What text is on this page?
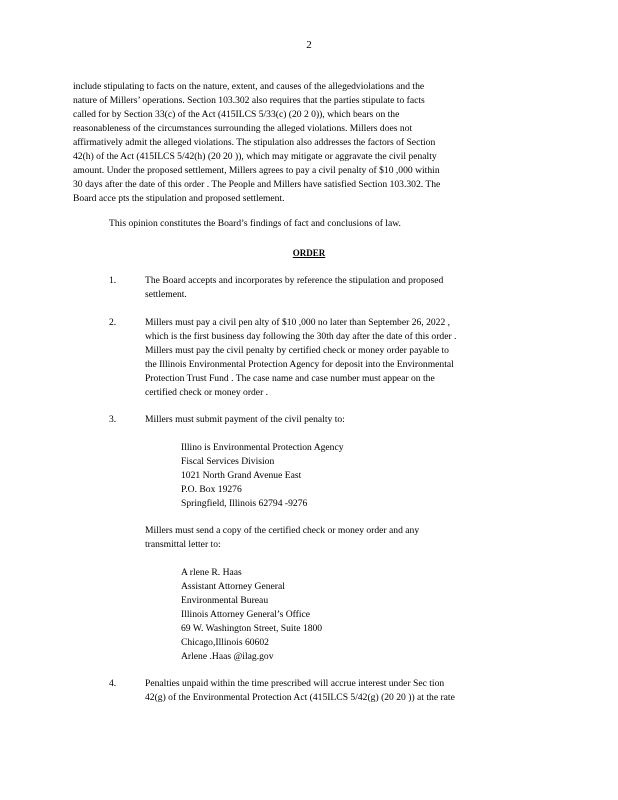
2
include stipulating to facts on the nature, extent, and causes of the allegedviolations and the
nature of Millers’ operations. Section 103.302 also requires that the parties stipulate to facts
called for by Section 33(c) of the Act (415ILCS 5/33(c) (20 2 0)), which bears on the
reasonableness of the circumstances surrounding the alleged violations. Millers does not
affirmatively admit the alleged violations. The stipulation also addresses the factors of Section
42(h) of the Act (415ILCS 5/42(h) (20 20 )), which may mitigate or aggravate the civil penalty
amount. Under the proposed settlement, Millers agrees to pay a civil penalty of $10 ,000 within
30 days after the date of this order . The People and Millers have satisfied Section 103.302. The
Board acce pts the stipulation and proposed settlement.
This opinion constitutes the Board’s findings of fact and conclusions of law.
ORDER
1.	The Board accepts and incorporates by reference the stipulation and proposed
settlement.
2.	Millers must pay a civil pen alty of $10 ,000 no later than September 26, 2022 ,
which is the first business day following the 30th day after the date of this order .
Millers must pay the civil penalty by certified check or money order payable to
the Illinois Environmental Protection Agency for deposit into the Environmental
Protection Trust Fund . The case name and case number must appear on the
certified check or money order .
3.	Millers must submit payment of the civil penalty to:
Illino is Environmental Protection Agency
Fiscal Services Division
1021 North Grand Avenue East
P.O. Box 19276
Springfield, Illinois 62794 -9276
Millers must send a copy of the certified check or money order and any
transmittal letter to:
A rlene R. Haas
Assistant Attorney General
Environmental Bureau
Illinois Attorney General’s Office
69 W. Washington Street, Suite 1800
Chicago,Illinois 60602
Arlene .Haas @ilag.gov
4.	Penalties unpaid within the time prescribed will accrue interest under Sec tion
42(g) of the Environmental Protection Act (415ILCS 5/42(g) (20 20 )) at the rate
